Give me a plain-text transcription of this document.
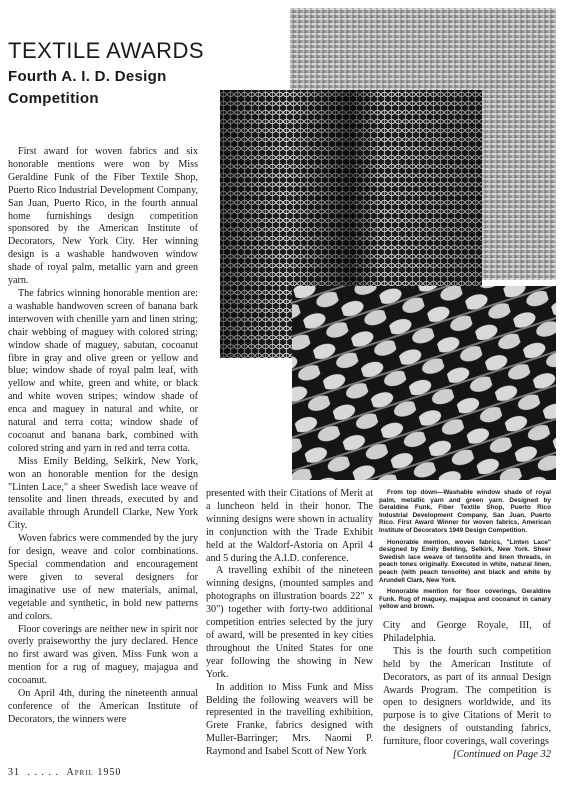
TEXTILE AWARDS
Fourth A. I. D. Design
Competition

First award for woven fabrics and six honorable mentions were won by Miss Geraldine Funk of the Fiber Textile Shop, Puerto Rico Industrial Development Company, San Juan, Puerto Rico, in the fourth annual home furnishings design competition sponsored by the American Institute of Decorators, New York City. Her winning design is a washable handwoven window shade of royal palm, metallic yarn and green yarn.

The fabrics winning honorable mention are: a washable handwoven screen of banana bark interwoven with chenille yarn and linen string; chair webbing of maguey with colored string; window shade of maguey, sabutan, cocoanut fibre in gray and olive green or yellow and blue; window shade of royal palm leaf, with yellow and white, green and white, or black and white woven stripes; window shade of enca and maguey in natural and white, or natural and terra cotta; window shade of cocoanut and banana bark, combined with colored string and yarn in red and terra cotta.

Miss Emily Belding, Selkirk, New York, won an honorable mention for the design "Linten Lace," a sheer Swedish lace weave of tensolite and linen threads, executed by and available through Arundell Clarke, New York City.

Woven fabrics were commended by the jury for design, weave and color combinations. Special commendation and encouragement were given to several designers for imaginative use of new materials, animal, vegetable and synthetic, in bold new patterns and colors.

Floor coverings are neither new in spirit nor overly praiseworthy the jury declared. Hence no first award was given. Miss Funk won a mention for a rug of maguey, majagua and cocoanut.

On April 4th, during the nineteenth annual conference of the American Institute of Decorators, the winners were

presented with their Citations of Merit at a luncheon held in their honor. The winning designs were shown in actuality in conjunction with the Trade Exhibit held at the Waldorf-Astoria on April 4 and 5 during the A.I.D. conference.

A travelling exhibit of the nineteen winning designs, (mounted samples and photographs on illustration boards 22" x 30") together with forty-two additional competition entries selected by the jury of award, will be presented in key cities throughout the United States for one year following the showing in New York.

In addition to Miss Funk and Miss Belding the following weavers will be represented in the travelling exhibition, Grete Franke, fabrics designed with Muller-Barringer; Mrs. Naomi P. Raymond and Isabel Scott of New York

From top down—Washable window shade of royal palm, metallic yarn and green yarn. Designed by Geraldine Funk, Fiber Textile Shop, Puerto Rico Industrial Development Company, San Juan, Puerto Rico. First Award Winner for woven fabrics, American Institute of Decorators 1949 Design Competition.

Honorable mention, woven fabrics, "Linten Lace" designed by Emily Belding, Selkirk, New York. Sheer Swedish lace weave of tensolite and linen threads, in peach tones originally. Executed in white, natural linen, peach (with peach tensolite) and black and white by Arundell Clark, New York.

Honorable mention for floor coverings, Geraldine Funk. Rug of maguey, majagua and cocoanut in canary yellow and brown.

City and George Royale, III, of Philadelphia.

This is the fourth such competition held by the American Institute of Decorators, as part of its annual Design Awards Program. The competition is open to designers worldwide, and its purpose is to give Citations of Merit to the designers of outstanding fabrics, furniture, floor coverings, wall coverings

[Continued on Page 32
31 . . . . . April 1950
